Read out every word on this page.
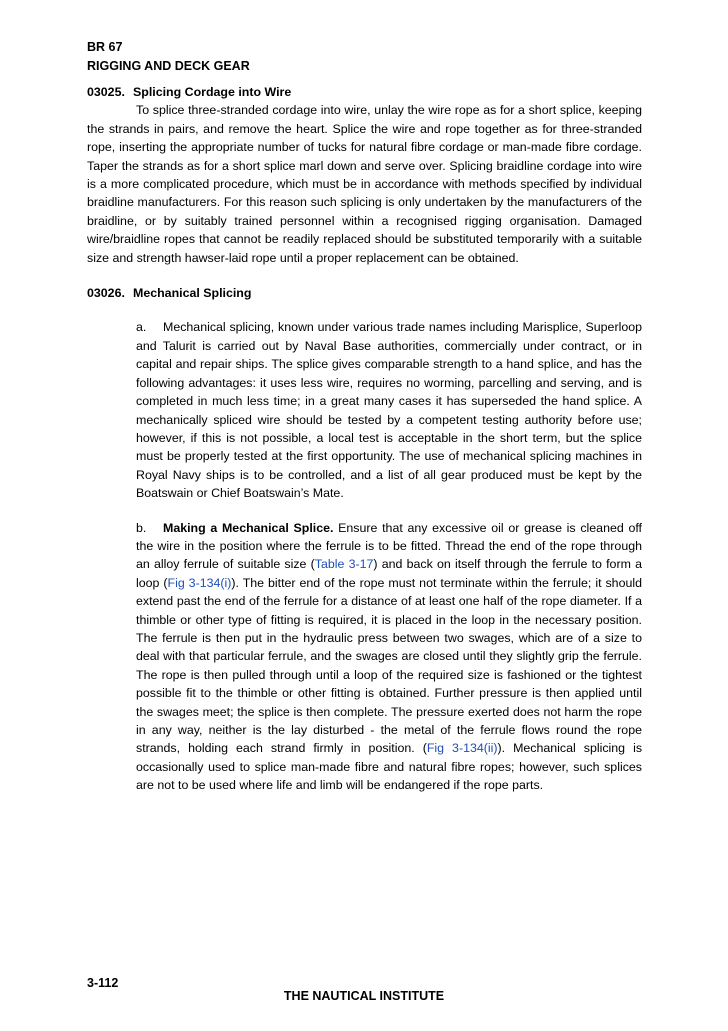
BR 67
RIGGING AND DECK GEAR
03025. Splicing Cordage into Wire

To splice three-stranded cordage into wire, unlay the wire rope as for a short splice, keeping the strands in pairs, and remove the heart. Splice the wire and rope together as for three-stranded rope, inserting the appropriate number of tucks for natural fibre cordage or man-made fibre cordage. Taper the strands as for a short splice marl down and serve over. Splicing braidline cordage into wire is a more complicated procedure, which must be in accordance with methods specified by individual braidline manufacturers. For this reason such splicing is only undertaken by the manufacturers of the braidline, or by suitably trained personnel within a recognised rigging organisation. Damaged wire/braidline ropes that cannot be readily replaced should be substituted temporarily with a suitable size and strength hawser-laid rope until a proper replacement can be obtained.

03026. Mechanical Splicing

a. Mechanical splicing, known under various trade names including Marisplice, Superloop and Talurit is carried out by Naval Base authorities, commercially under contract, or in capital and repair ships. The splice gives comparable strength to a hand splice, and has the following advantages: it uses less wire, requires no worming, parcelling and serving, and is completed in much less time; in a great many cases it has superseded the hand splice. A mechanically spliced wire should be tested by a competent testing authority before use; however, if this is not possible, a local test is acceptable in the short term, but the splice must be properly tested at the first opportunity. The use of mechanical splicing machines in Royal Navy ships is to be controlled, and a list of all gear produced must be kept by the Boatswain or Chief Boatswain’s Mate.

b. Making a Mechanical Splice. Ensure that any excessive oil or grease is cleaned off the wire in the position where the ferrule is to be fitted. Thread the end of the rope through an alloy ferrule of suitable size (Table 3-17) and back on itself through the ferrule to form a loop (Fig 3-134(i)). The bitter end of the rope must not terminate within the ferrule; it should extend past the end of the ferrule for a distance of at least one half of the rope diameter. If a thimble or other type of fitting is required, it is placed in the loop in the necessary position. The ferrule is then put in the hydraulic press between two swages, which are of a size to deal with that particular ferrule, and the swages are closed until they slightly grip the ferrule. The rope is then pulled through until a loop of the required size is fashioned or the tightest possible fit to the thimble or other fitting is obtained. Further pressure is then applied until the swages meet; the splice is then complete. The pressure exerted does not harm the rope in any way, neither is the lay disturbed - the metal of the ferrule flows round the rope strands, holding each strand firmly in position. (Fig 3-134(ii)). Mechanical splicing is occasionally used to splice man-made fibre and natural fibre ropes; however, such splices are not to be used where life and limb will be endangered if the rope parts.

3-112
THE NAUTICAL INSTITUTE
